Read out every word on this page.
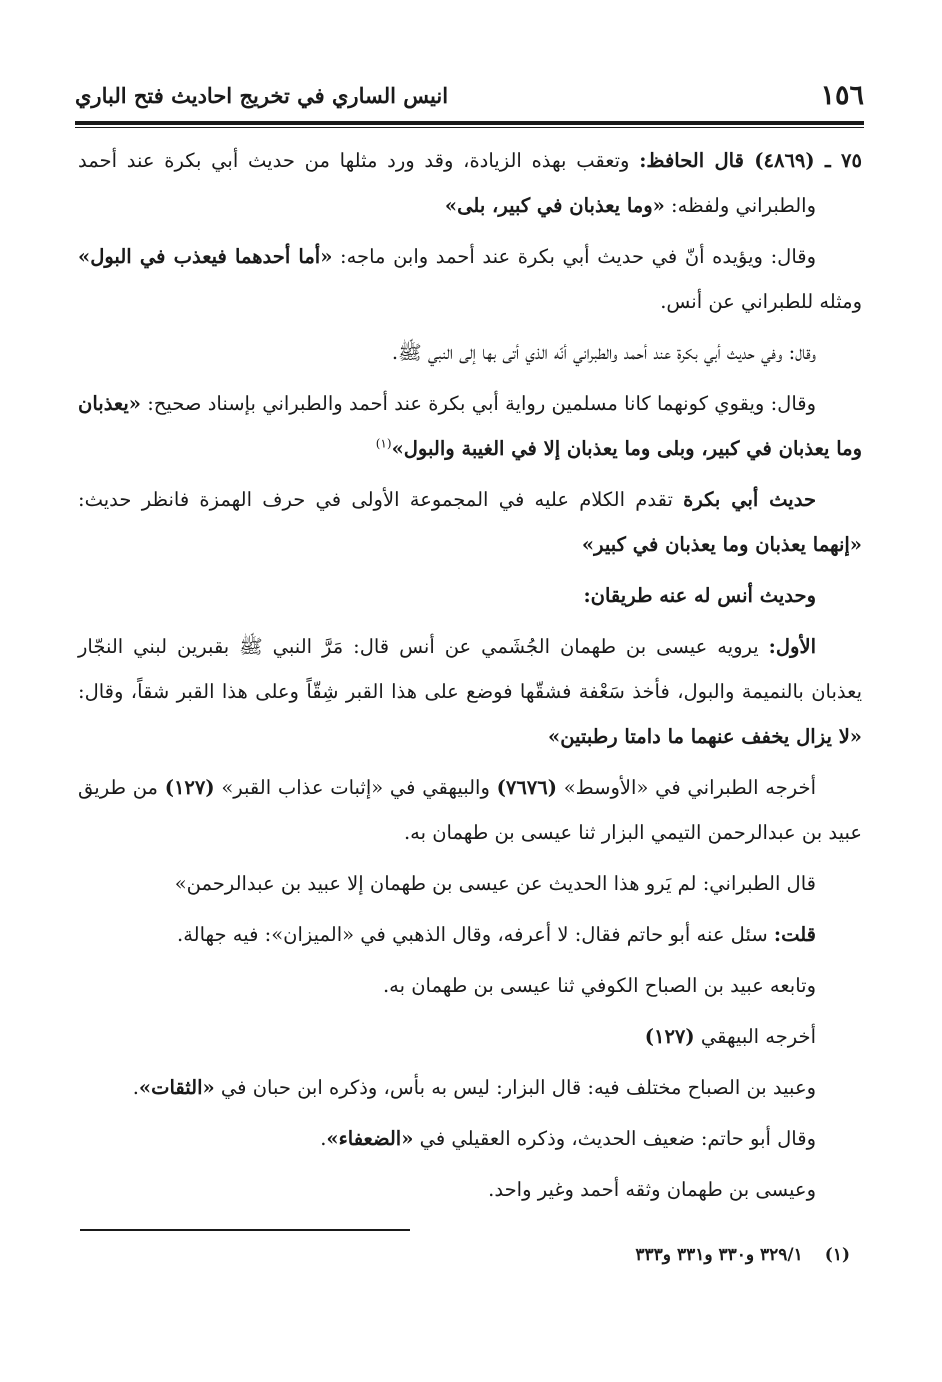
١٥٦
انيس الساري في تخريج احاديث فتح الباري

٧٥ ـ (٤٨٦٩) قال الحافظ: وتعقب بهذه الزيادة، وقد ورد مثلها من حديث أبي بكرة عند أحمد والطبراني ولفظه: «وما يعذبان في كبير، بلى»

وقال: ويؤيده أنّ في حديث أبي بكرة عند أحمد وابن ماجه: «أما أحدهما فيعذب في البول» ومثله للطبراني عن أنس.

وقال: وفي حديث أبي بكرة عند أحمد والطبراني أنّه الذي أتى بها إلى النبي ﷺ.

وقال: ويقوي كونهما كانا مسلمين رواية أبي بكرة عند أحمد والطبراني بإسناد صحيح: «يعذبان وما يعذبان في كبير، وبلى وما يعذبان إلا في الغيبة والبول»$^{(١)}$

حديث أبي بكرة تقدم الكلام عليه في المجموعة الأولى في حرف الهمزة فانظر حديث: «إنهما يعذبان وما يعذبان في كبير»

وحديث أنس له عنه طريقان:

الأول: يرويه عيسى بن طهمان الجُشَمي عن أنس قال: مَرَّ النبي ﷺ بقبرين لبني النجّار يعذبان بالنميمة والبول، فأخذ سَعْفة فشقّها فوضع على هذا القبر شِقّاً وعلى هذا القبر شقاً، وقال: «لا يزال يخفف عنهما ما دامتا رطبتين»

أخرجه الطبراني في «الأوسط» (٧٦٧٦) والبيهقي في «إثبات عذاب القبر» (١٢٧) من طريق عبيد بن عبدالرحمن التيمي البزار ثنا عيسى بن طهمان به.

قال الطبراني: لم يَرو هذا الحديث عن عيسى بن طهمان إلا عبيد بن عبدالرحمن»

قلت: سئل عنه أبو حاتم فقال: لا أعرفه، وقال الذهبي في «الميزان»: فيه جهالة.

وتابعه عبيد بن الصباح الكوفي ثنا عيسى بن طهمان به.

أخرجه البيهقي (١٢٧)

وعبيد بن الصباح مختلف فيه: قال البزار: ليس به بأس، وذكره ابن حبان في «الثقات».

وقال أبو حاتم: ضعيف الحديث، وذكره العقيلي في «الضعفاء».

وعيسى بن طهمان وثقه أحمد وغير واحد.

(١)٣٢٩/١ و٣٣٠ و٣٣١ و٣٣٣
